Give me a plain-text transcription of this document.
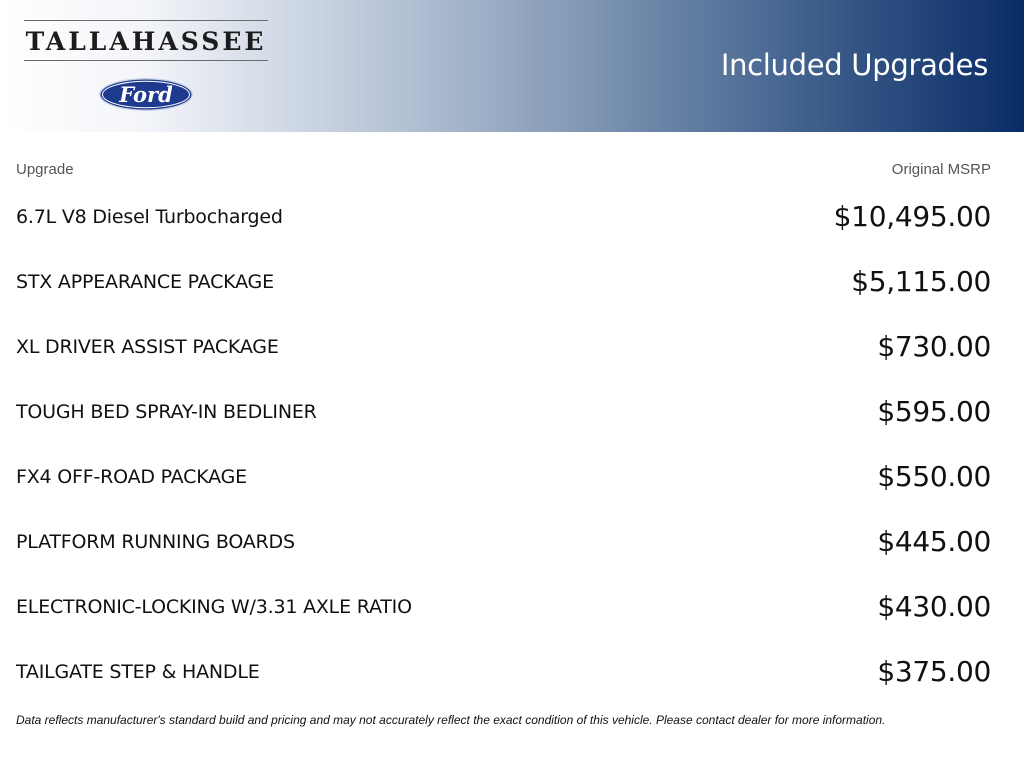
TALLAHASSEE
Ford
Included Upgrades
Upgrade	Original MSRP
6.7L V8 Diesel Turbocharged	$10,495.00
STX APPEARANCE PACKAGE	$5,115.00
XL DRIVER ASSIST PACKAGE	$730.00
TOUGH BED SPRAY-IN BEDLINER	$595.00
FX4 OFF-ROAD PACKAGE	$550.00
PLATFORM RUNNING BOARDS	$445.00
ELECTRONIC-LOCKING W/3.31 AXLE RATIO	$430.00
TAILGATE STEP & HANDLE	$375.00
Data reflects manufacturer's standard build and pricing and may not accurately reflect the exact condition of this vehicle. Please contact dealer for more information.
